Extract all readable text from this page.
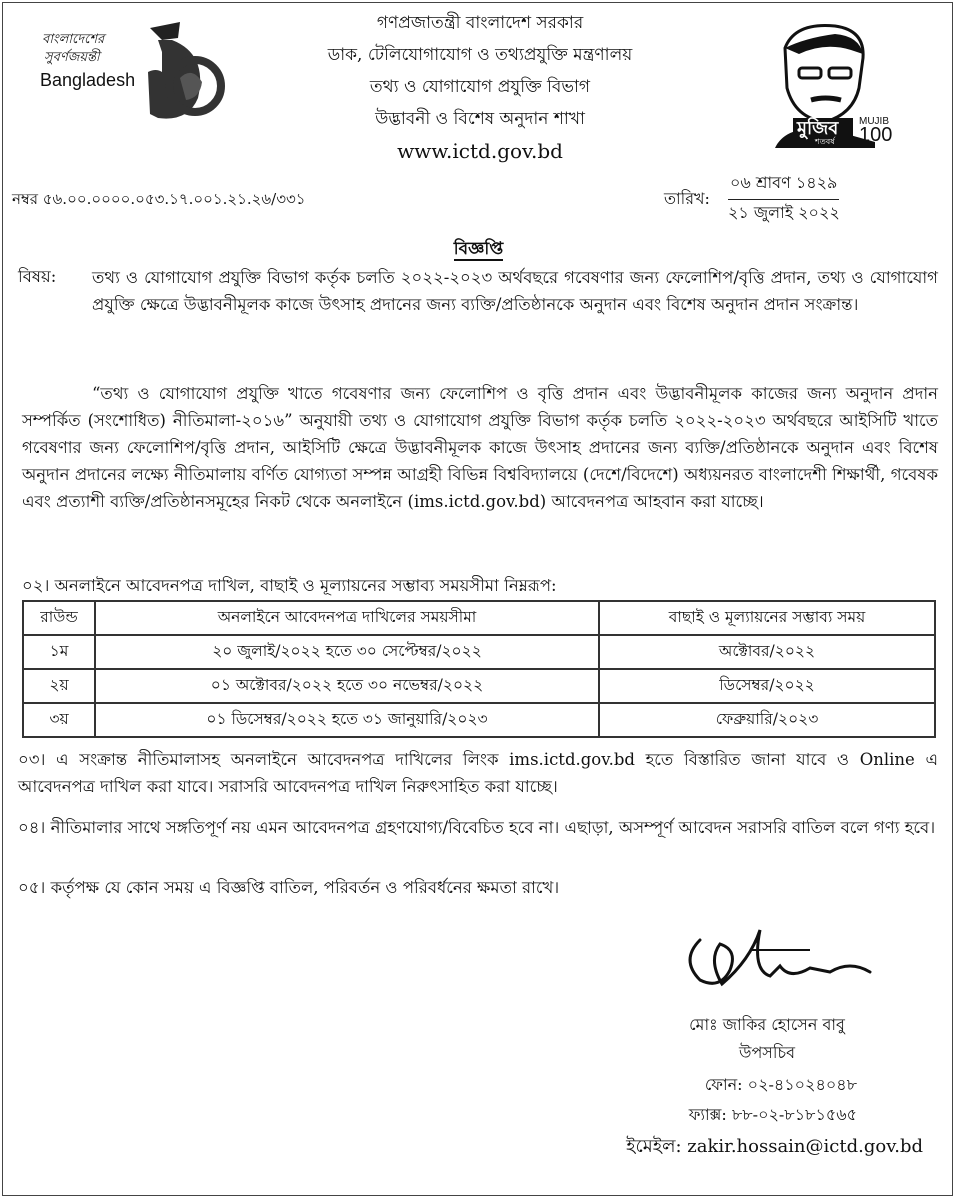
বাংলাদেশের
সুবর্ণজয়ন্তী
Bangladesh
মুজিব
শতবর্ষ
MUJIB
100
গণপ্রজাতন্ত্রী বাংলাদেশ সরকার
ডাক, টেলিযোগাযোগ ও তথ্যপ্রযুক্তি মন্ত্রণালয়
তথ্য ও যোগাযোগ প্রযুক্তি বিভাগ
উদ্ভাবনী ও বিশেষ অনুদান শাখা
www.ictd.gov.bd
নম্বর ৫৬.০০.০০০০.০৫৩.১৭.০০১.২১.২৬/৩৩১	তারিখ:
০৬ শ্রাবণ ১৪২৯
২১ জুলাই ২০২২
বিজ্ঞপ্তি
বিষয়: তথ্য ও যোগাযোগ প্রযুক্তি বিভাগ কর্তৃক চলতি ২০২২-২০২৩ অর্থবছরে গবেষণার জন্য ফেলোশিপ/বৃত্তি প্রদান, তথ্য ও যোগাযোগ প্রযুক্তি ক্ষেত্রে উদ্ভাবনীমূলক কাজে উৎসাহ প্রদানের জন্য ব্যক্তি/প্রতিষ্ঠানকে অনুদান এবং বিশেষ অনুদান প্রদান সংক্রান্ত।
“তথ্য ও যোগাযোগ প্রযুক্তি খাতে গবেষণার জন্য ফেলোশিপ ও বৃত্তি প্রদান এবং উদ্ভাবনীমূলক কাজের জন্য অনুদান প্রদান সম্পর্কিত (সংশোধিত) নীতিমালা-২০১৬” অনুযায়ী তথ্য ও যোগাযোগ প্রযুক্তি বিভাগ কর্তৃক চলতি ২০২২-২০২৩ অর্থবছরে আইসিটি খাতে গবেষণার জন্য ফেলোশিপ/বৃত্তি প্রদান, আইসিটি ক্ষেত্রে উদ্ভাবনীমূলক কাজে উৎসাহ প্রদানের জন্য ব্যক্তি/প্রতিষ্ঠানকে অনুদান এবং বিশেষ অনুদান প্রদানের লক্ষ্যে নীতিমালায় বর্ণিত যোগ্যতা সম্পন্ন আগ্রহী বিভিন্ন বিশ্ববিদ্যালয়ে (দেশে/বিদেশে) অধ্যয়নরত বাংলাদেশী শিক্ষার্থী, গবেষক এবং প্রত্যাশী ব্যক্তি/প্রতিষ্ঠানসমূহের নিকট থেকে অনলাইনে (ims.ictd.gov.bd) আবেদনপত্র আহবান করা যাচ্ছে।
০২। অনলাইনে আবেদনপত্র দাখিল, বাছাই ও মূল্যায়নের সম্ভাব্য সময়সীমা নিম্নরূপ:
রাউন্ড	অনলাইনে আবেদনপত্র দাখিলের সময়সীমা	বাছাই ও মূল্যায়নের সম্ভাব্য সময়
১ম	২০ জুলাই/২০২২ হতে ৩০ সেপ্টেম্বর/২০২২	অক্টোবর/২০২২
২য়	০১ অক্টোবর/২০২২ হতে ৩০ নভেম্বর/২০২২	ডিসেম্বর/২০২২
৩য়	০১ ডিসেম্বর/২০২২ হতে ৩১ জানুয়ারি/২০২৩	ফেব্রুয়ারি/২০২৩
০৩। এ সংক্রান্ত নীতিমালাসহ অনলাইনে আবেদনপত্র দাখিলের লিংক ims.ictd.gov.bd হতে বিস্তারিত জানা যাবে ও Online এ আবেদনপত্র দাখিল করা যাবে। সরাসরি আবেদনপত্র দাখিল নিরুৎসাহিত করা যাচ্ছে।
০৪। নীতিমালার সাথে সঙ্গতিপূর্ণ নয় এমন আবেদনপত্র গ্রহণযোগ্য/বিবেচিত হবে না। এছাড়া, অসম্পূর্ণ আবেদন সরাসরি বাতিল বলে গণ্য হবে।
০৫। কর্তৃপক্ষ যে কোন সময় এ বিজ্ঞপ্তি বাতিল, পরিবর্তন ও পরিবর্ধনের ক্ষমতা রাখে।
মোঃ জাকির হোসেন বাবু
উপসচিব
ফোন: ০২-৪১০২৪০৪৮
ফ্যাক্স: ৮৮-০২-৮১৮১৫৬৫
ইমেইল: zakir.hossain@ictd.gov.bd
